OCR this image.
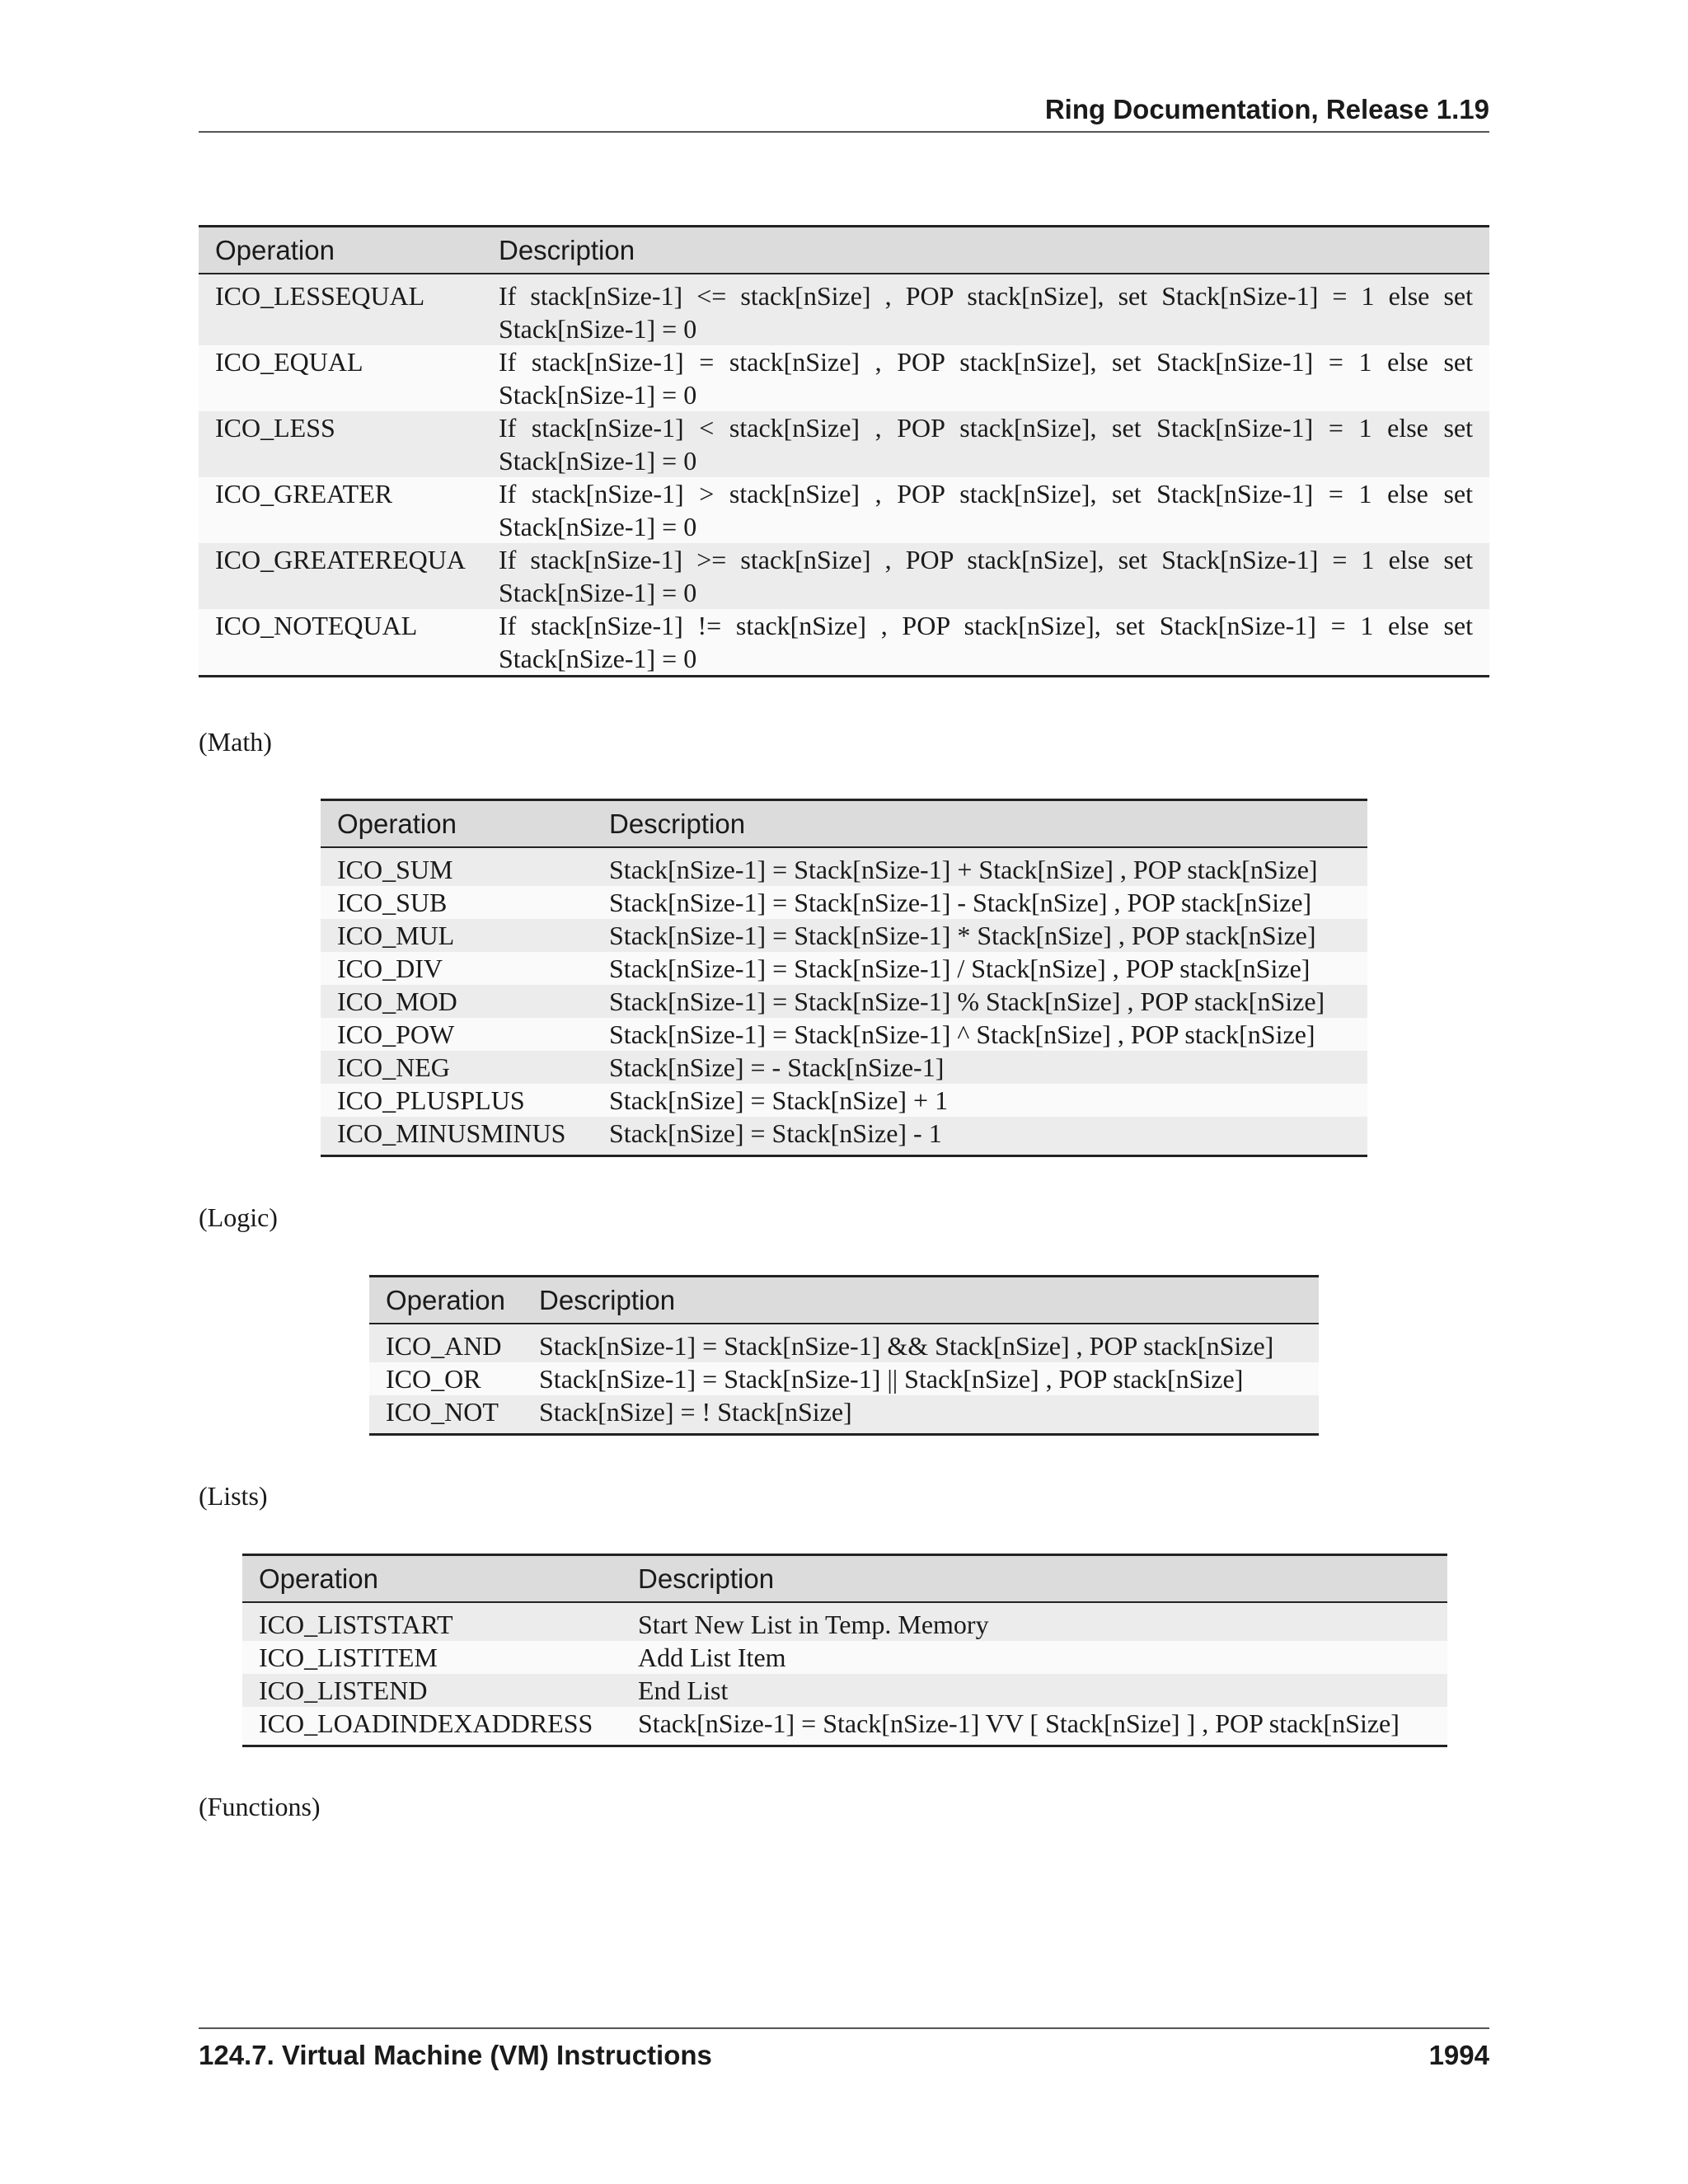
Ring Documentation, Release 1.19
Operation	Description
ICO_LESSEQUAL	If stack[nSize-1] <= stack[nSize] , POP stack[nSize], set Stack[nSize-1] = 1 else set Stack[nSize-1] = 0
ICO_EQUAL	If stack[nSize-1] = stack[nSize] , POP stack[nSize], set Stack[nSize-1] = 1 else set Stack[nSize-1] = 0
ICO_LESS	If stack[nSize-1] < stack[nSize] , POP stack[nSize], set Stack[nSize-1] = 1 else set Stack[nSize-1] = 0
ICO_GREATER	If stack[nSize-1] > stack[nSize] , POP stack[nSize], set Stack[nSize-1] = 1 else set Stack[nSize-1] = 0
ICO_GREATEREQUA	If stack[nSize-1] >= stack[nSize] , POP stack[nSize], set Stack[nSize-1] = 1 else set Stack[nSize-1] = 0
ICO_NOTEQUAL	If stack[nSize-1] != stack[nSize] , POP stack[nSize], set Stack[nSize-1] = 1 else set Stack[nSize-1] = 0
(Math)
Operation	Description
ICO_SUM	Stack[nSize-1] = Stack[nSize-1] + Stack[nSize] , POP stack[nSize]
ICO_SUB	Stack[nSize-1] = Stack[nSize-1] - Stack[nSize] , POP stack[nSize]
ICO_MUL	Stack[nSize-1] = Stack[nSize-1] * Stack[nSize] , POP stack[nSize]
ICO_DIV	Stack[nSize-1] = Stack[nSize-1] / Stack[nSize] , POP stack[nSize]
ICO_MOD	Stack[nSize-1] = Stack[nSize-1] % Stack[nSize] , POP stack[nSize]
ICO_POW	Stack[nSize-1] = Stack[nSize-1] ^ Stack[nSize] , POP stack[nSize]
ICO_NEG	Stack[nSize] = - Stack[nSize-1]
ICO_PLUSPLUS	Stack[nSize] = Stack[nSize] + 1
ICO_MINUSMINUS	Stack[nSize] = Stack[nSize] - 1
(Logic)
Operation	Description
ICO_AND	Stack[nSize-1] = Stack[nSize-1] && Stack[nSize] , POP stack[nSize]
ICO_OR	Stack[nSize-1] = Stack[nSize-1] || Stack[nSize] , POP stack[nSize]
ICO_NOT	Stack[nSize] = ! Stack[nSize]
(Lists)
Operation	Description
ICO_LISTSTART	Start New List in Temp. Memory
ICO_LISTITEM	Add List Item
ICO_LISTEND	End List
ICO_LOADINDEXADDRESS	Stack[nSize-1] = Stack[nSize-1] VV [ Stack[nSize] ] , POP stack[nSize]
(Functions)
124.7. Virtual Machine (VM) Instructions	1994
